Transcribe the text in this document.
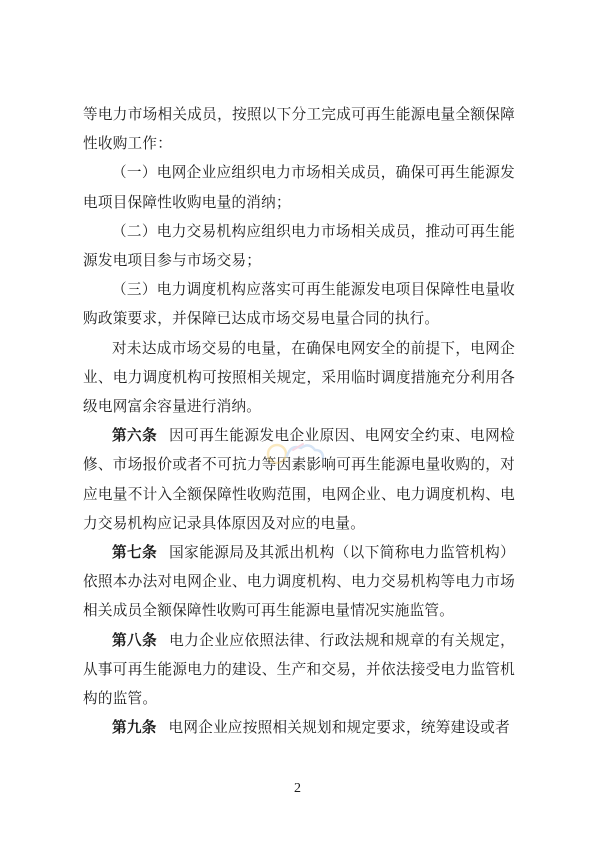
等电力市场相关成员，按照以下分工完成可再生能源电量全额保障性收购工作：

（一）电网企业应组织电力市场相关成员，确保可再生能源发电项目保障性收购电量的消纳；

（二）电力交易机构应组织电力市场相关成员，推动可再生能源发电项目参与市场交易；

（三）电力调度机构应落实可再生能源发电项目保障性电量收购政策要求，并保障已达成市场交易电量合同的执行。

对未达成市场交易的电量，在确保电网安全的前提下，电网企业、电力调度机构可按照相关规定，采用临时调度措施充分利用各级电网富余容量进行消纳。

第六条 因可再生能源发电企业原因、电网安全约束、电网检修、市场报价或者不可抗力等因素影响可再生能源电量收购的，对应电量不计入全额保障性收购范围，电网企业、电力调度机构、电力交易机构应记录具体原因及对应的电量。

第七条 国家能源局及其派出机构（以下简称电力监管机构）依照本办法对电网企业、电力调度机构、电力交易机构等电力市场相关成员全额保障性收购可再生能源电量情况实施监管。

第八条 电力企业应依照法律、行政法规和规章的有关规定，从事可再生能源电力的建设、生产和交易，并依法接受电力监管机构的监管。

第九条 电网企业应按照相关规划和规定要求，统筹建设或者

2
